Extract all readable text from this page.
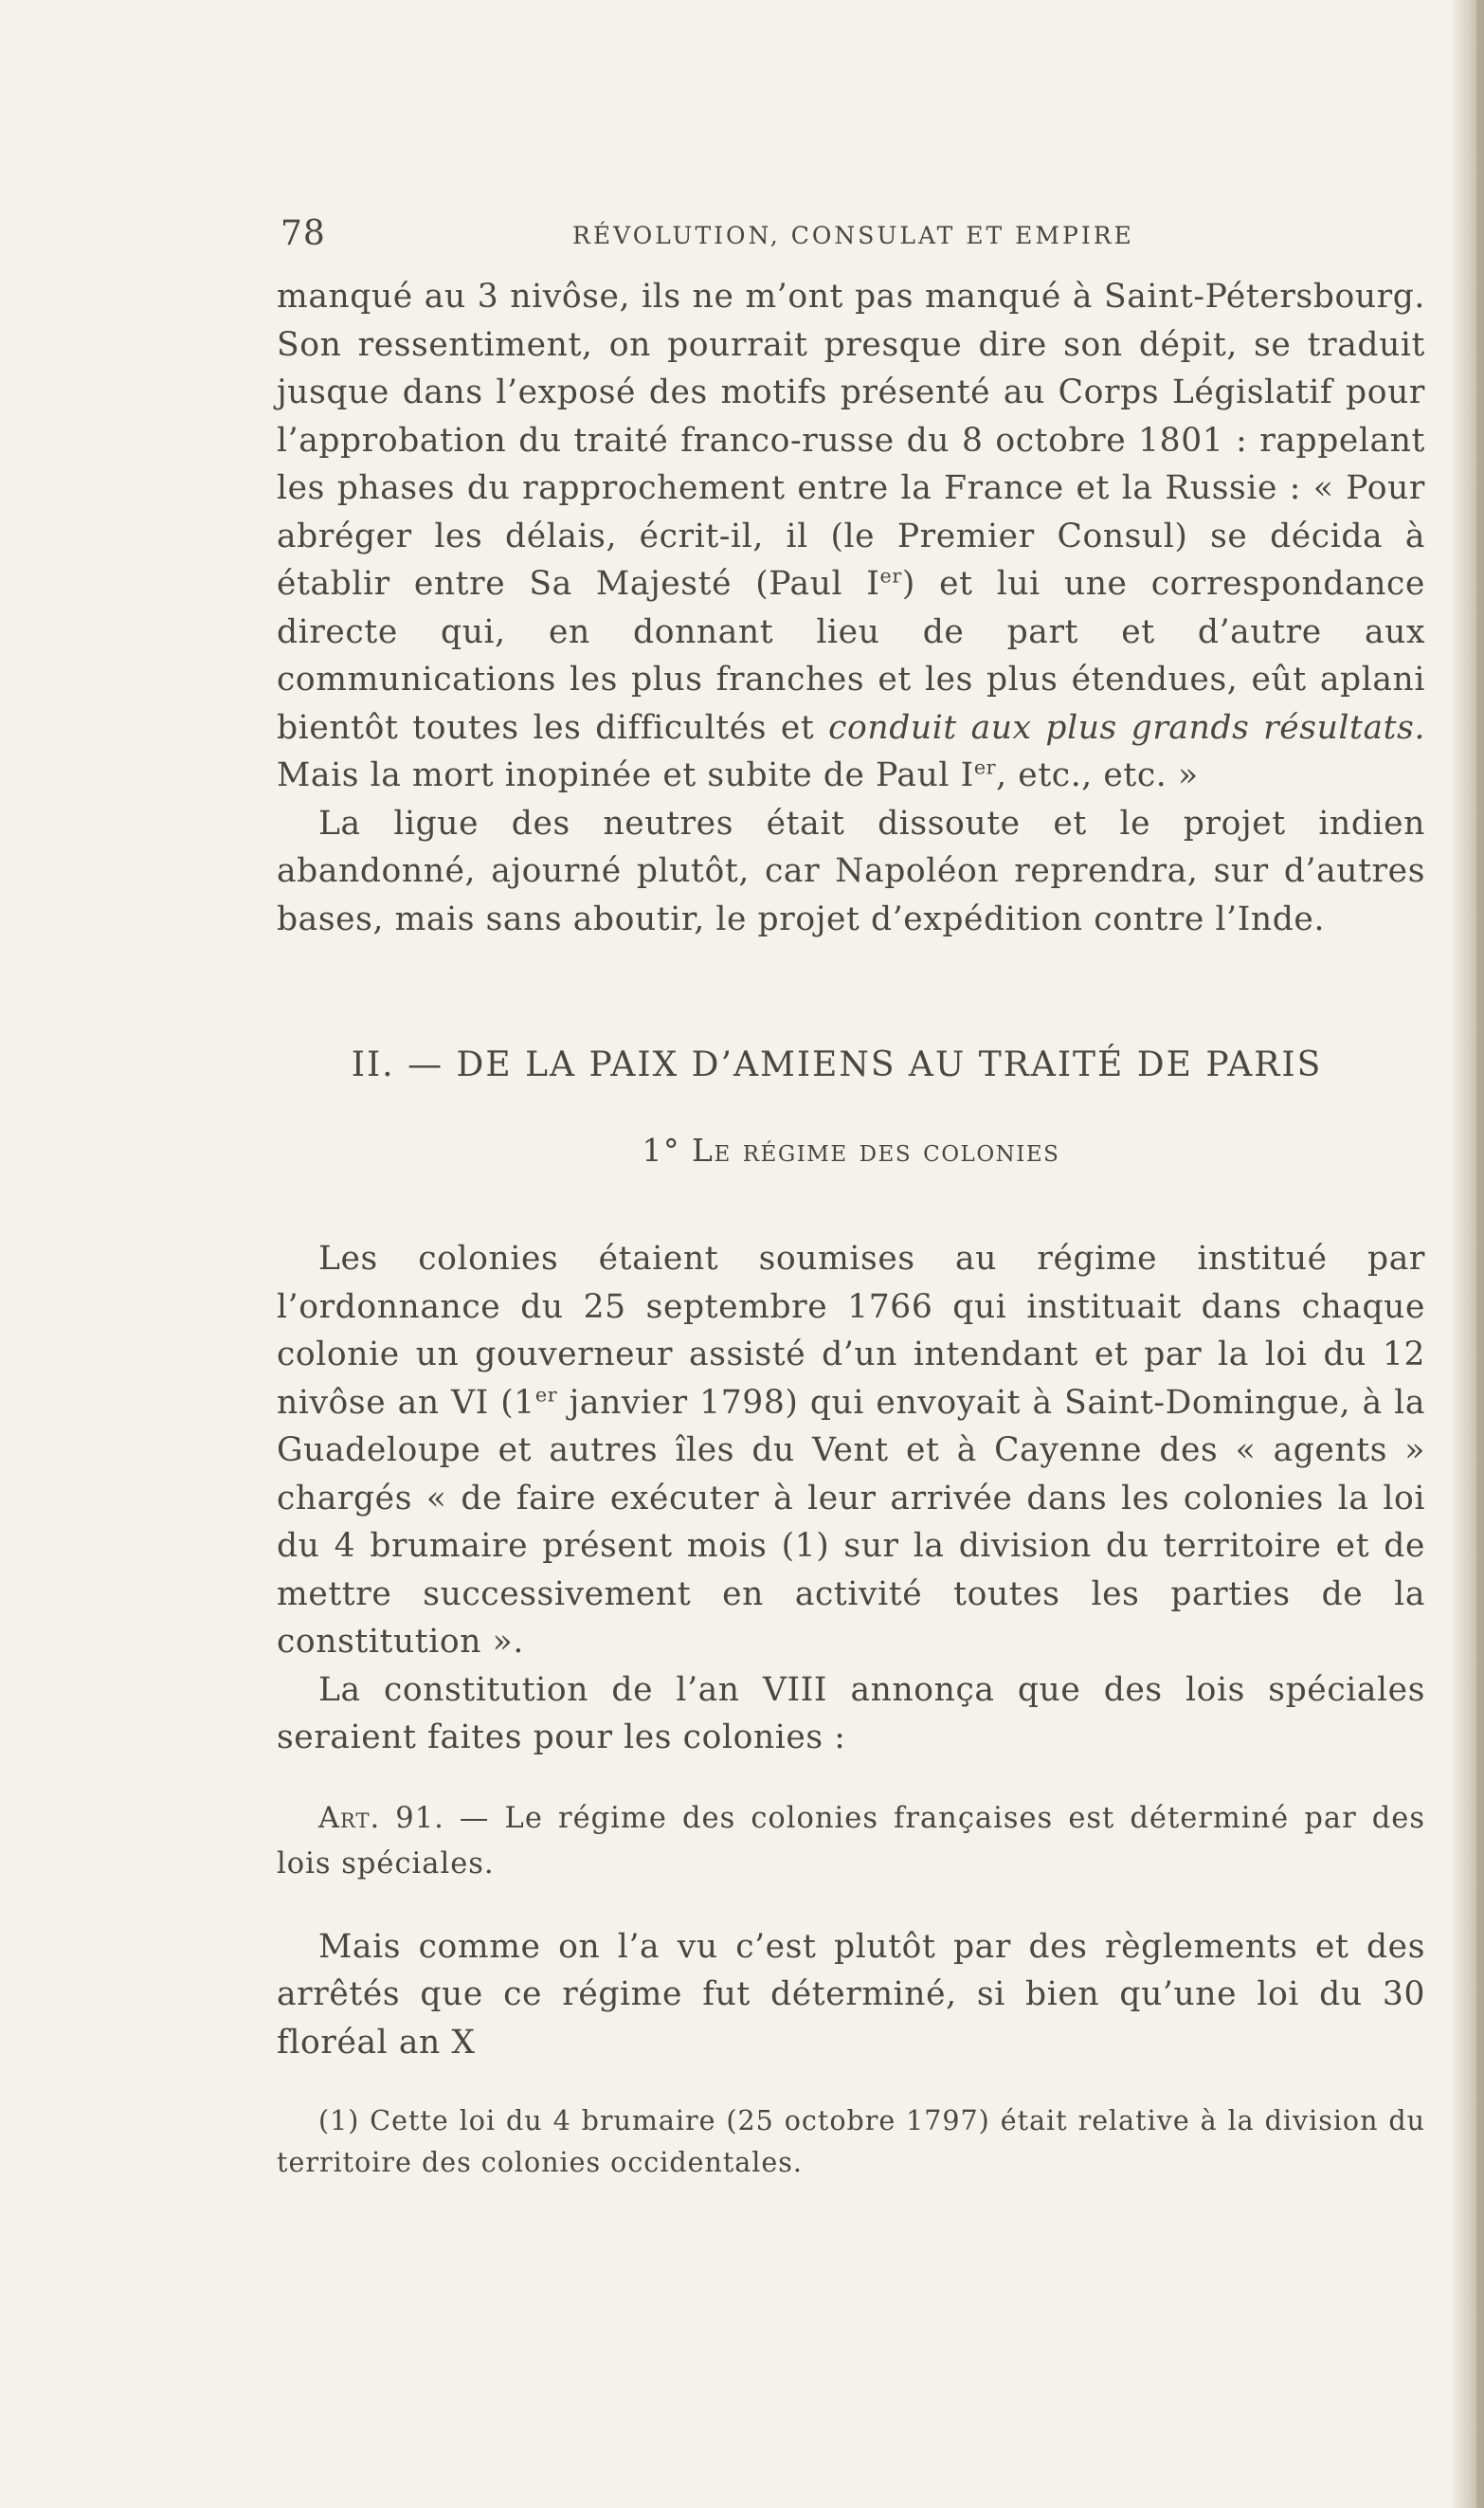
78	RÉVOLUTION, CONSULAT ET EMPIRE

manqué au 3 nivôse, ils ne m’ont pas manqué à Saint-Pétersbourg. Son ressentiment, on pourrait presque dire son dépit, se traduit jusque dans l’exposé des motifs présenté au Corps Législatif pour l’approbation du traité franco-russe du 8 octobre 1801 : rappelant les phases du rapprochement entre la France et la Russie : « Pour abréger les délais, écrit-il, il (le Premier Consul) se décida à établir entre Sa Majesté (Paul Ier) et lui une correspondance directe qui, en donnant lieu de part et d’autre aux communications les plus franches et les plus étendues, eût aplani bientôt toutes les difficultés et conduit aux plus grands résultats. Mais la mort inopinée et subite de Paul Ier, etc., etc. »

La ligue des neutres était dissoute et le projet indien abandonné, ajourné plutôt, car Napoléon reprendra, sur d’autres bases, mais sans aboutir, le projet d’expédition contre l’Inde.

II. — DE LA PAIX D’AMIENS AU TRAITÉ DE PARIS
1° Le régime des colonies

Les colonies étaient soumises au régime institué par l’ordonnance du 25 septembre 1766 qui instituait dans chaque colonie un gouverneur assisté d’un intendant et par la loi du 12 nivôse an VI (1er janvier 1798) qui envoyait à Saint-Domingue, à la Guadeloupe et autres îles du Vent et à Cayenne des « agents » chargés « de faire exécuter à leur arrivée dans les colonies la loi du 4 brumaire présent mois (1) sur la division du territoire et de mettre successivement en activité toutes les parties de la constitution ».

La constitution de l’an VIII annonça que des lois spéciales seraient faites pour les colonies :

Art. 91. — Le régime des colonies françaises est déterminé par des lois spéciales.

Mais comme on l’a vu c’est plutôt par des règlements et des arrêtés que ce régime fut déterminé, si bien qu’une loi du 30 floréal an X

(1) Cette loi du 4 brumaire (25 octobre 1797) était relative à la division du territoire des colonies occidentales.
